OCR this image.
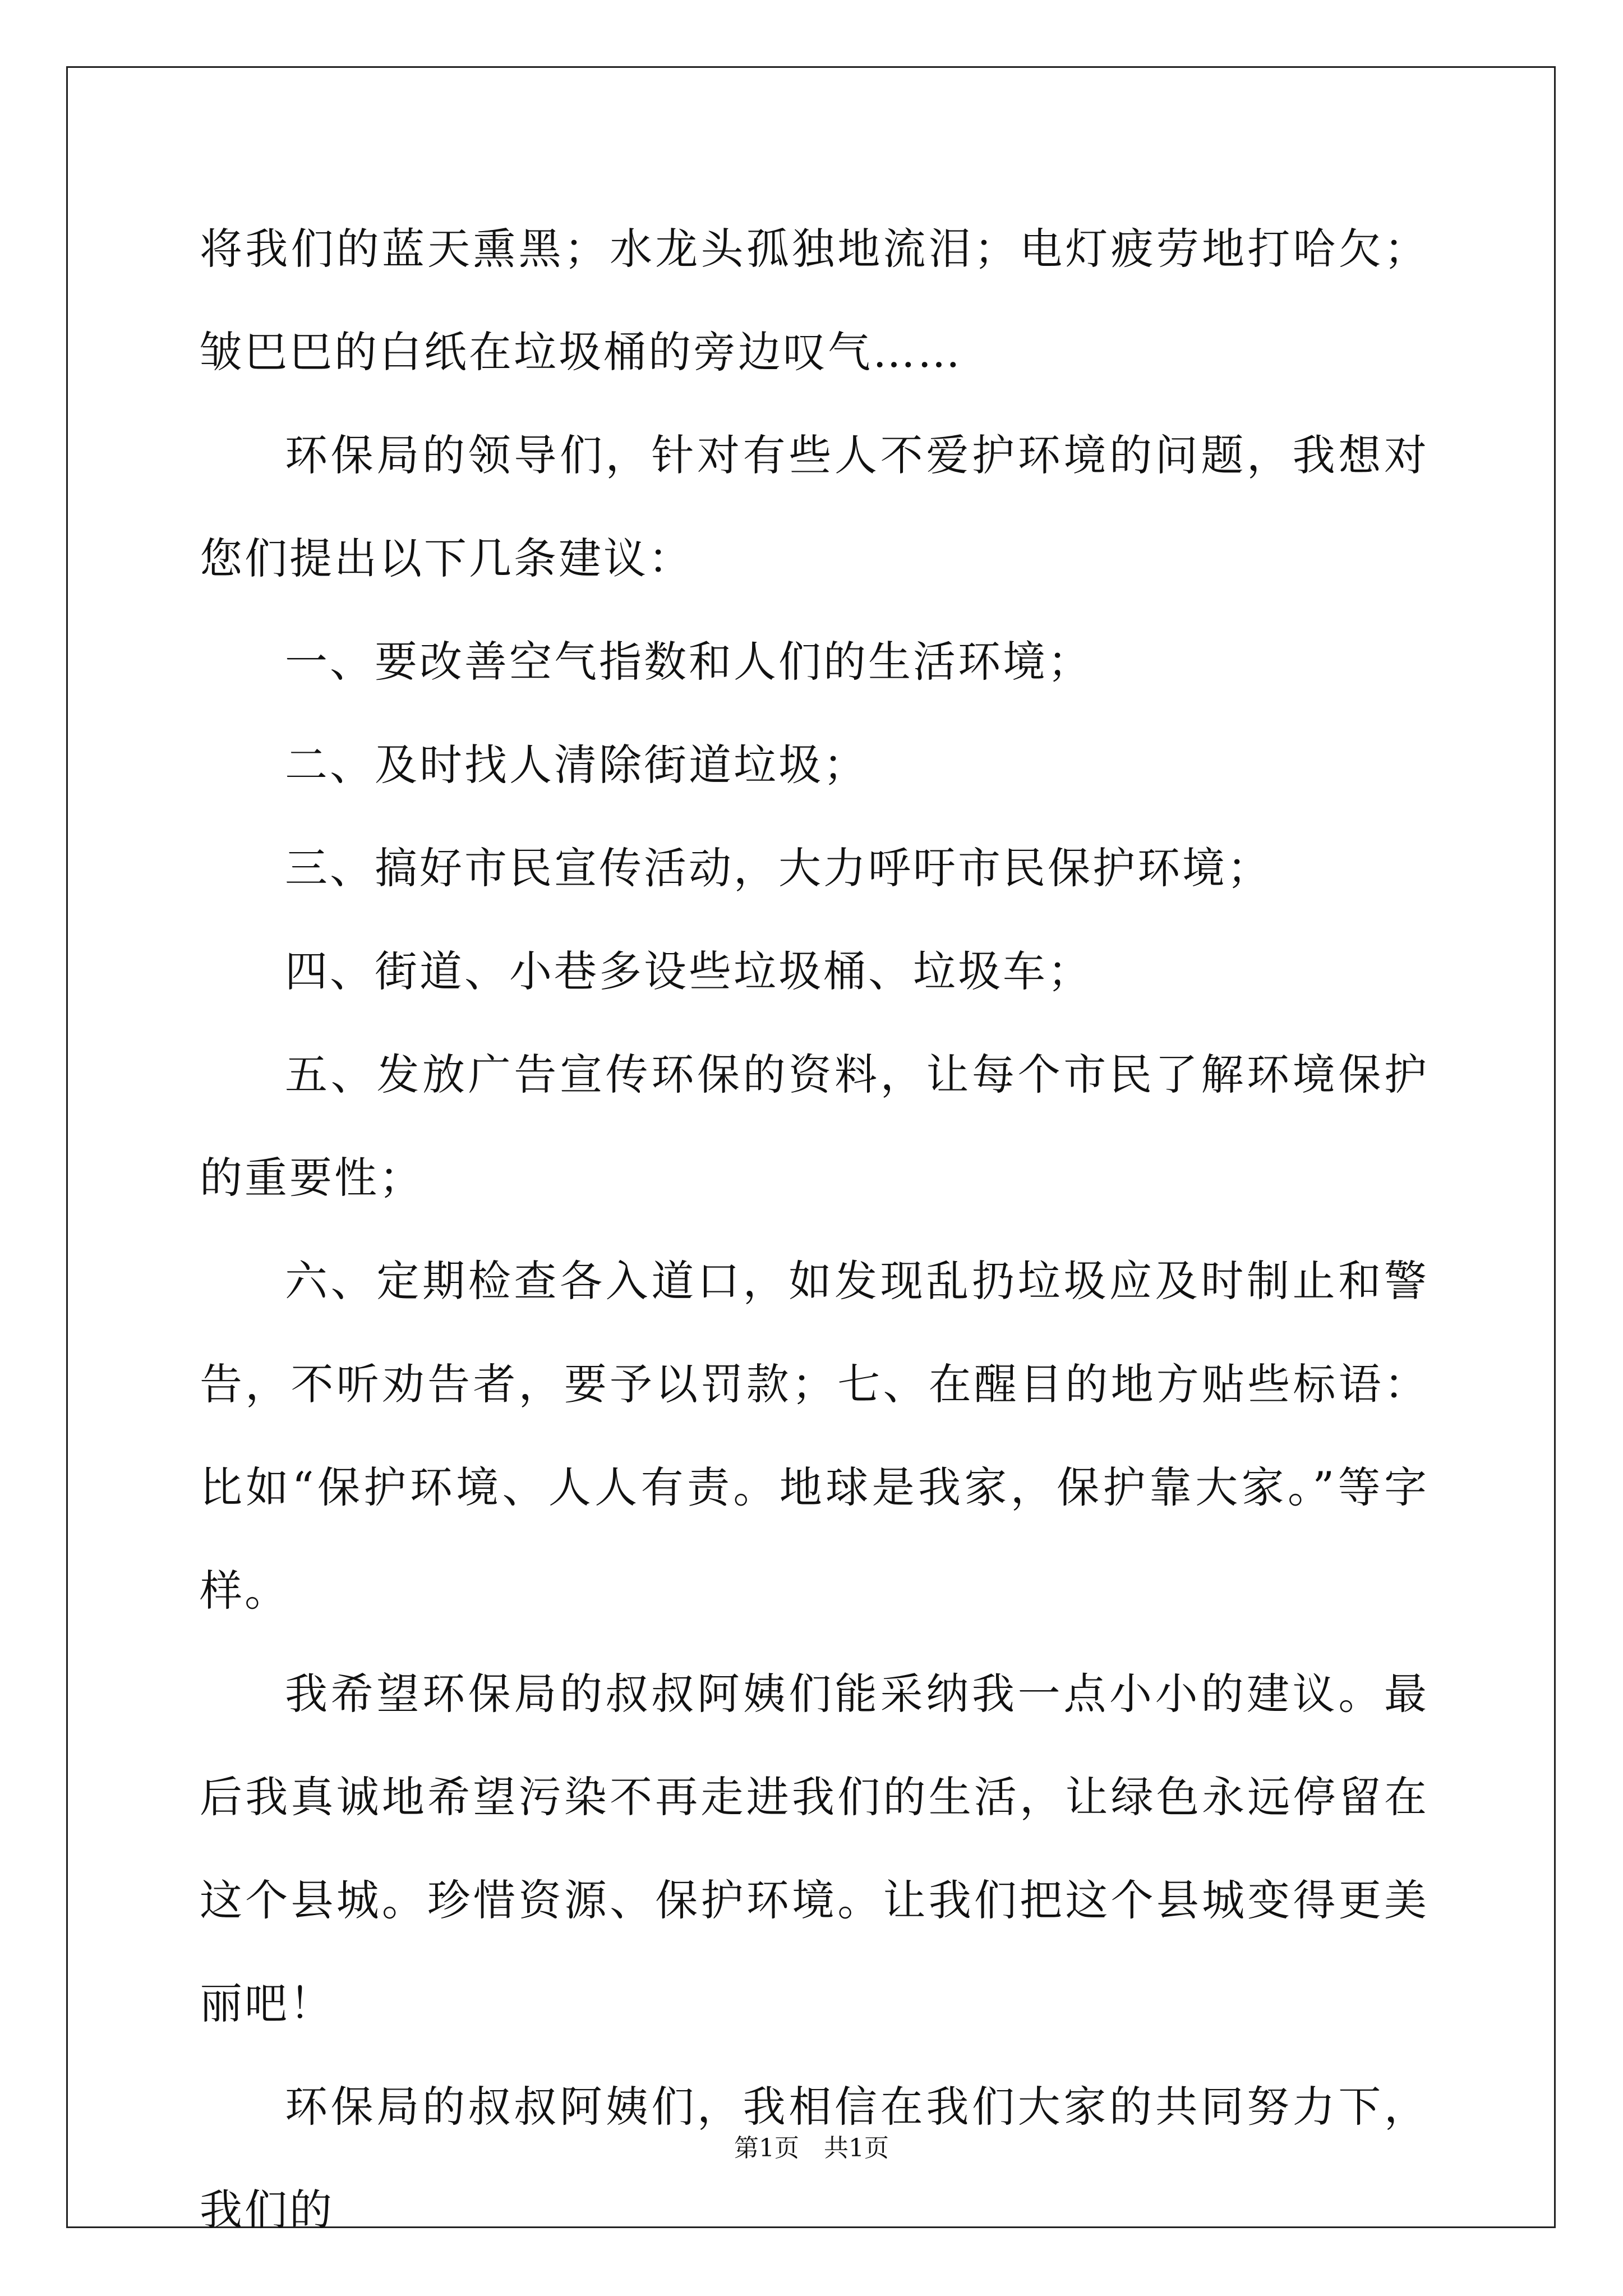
将我们的蓝天熏黑；水龙头孤独地流泪；电灯疲劳地打哈欠；皱巴巴的白纸在垃圾桶的旁边叹气……

环保局的领导们，针对有些人不爱护环境的问题，我想对您们提出以下几条建议：

一、要改善空气指数和人们的生活环境；

二、及时找人清除街道垃圾；

三、搞好市民宣传活动，大力呼吁市民保护环境；

四、街道、小巷多设些垃圾桶、垃圾车；

五、发放广告宣传环保的资料，让每个市民了解环境保护的重要性；

六、定期检查各入道口，如发现乱扔垃圾应及时制止和警告，不听劝告者，要予以罚款；七、在醒目的地方贴些标语：比如“保护环境、人人有责。地球是我家，保护靠大家。”等字样。

我希望环保局的叔叔阿姨们能采纳我一点小小的建议。最后我真诚地希望污染不再走进我们的生活，让绿色永远停留在这个县城。珍惜资源、保护环境。让我们把这个县城变得更美丽吧！

环保局的叔叔阿姨们，我相信在我们大家的共同努力下，我们的

第1页　共1页
